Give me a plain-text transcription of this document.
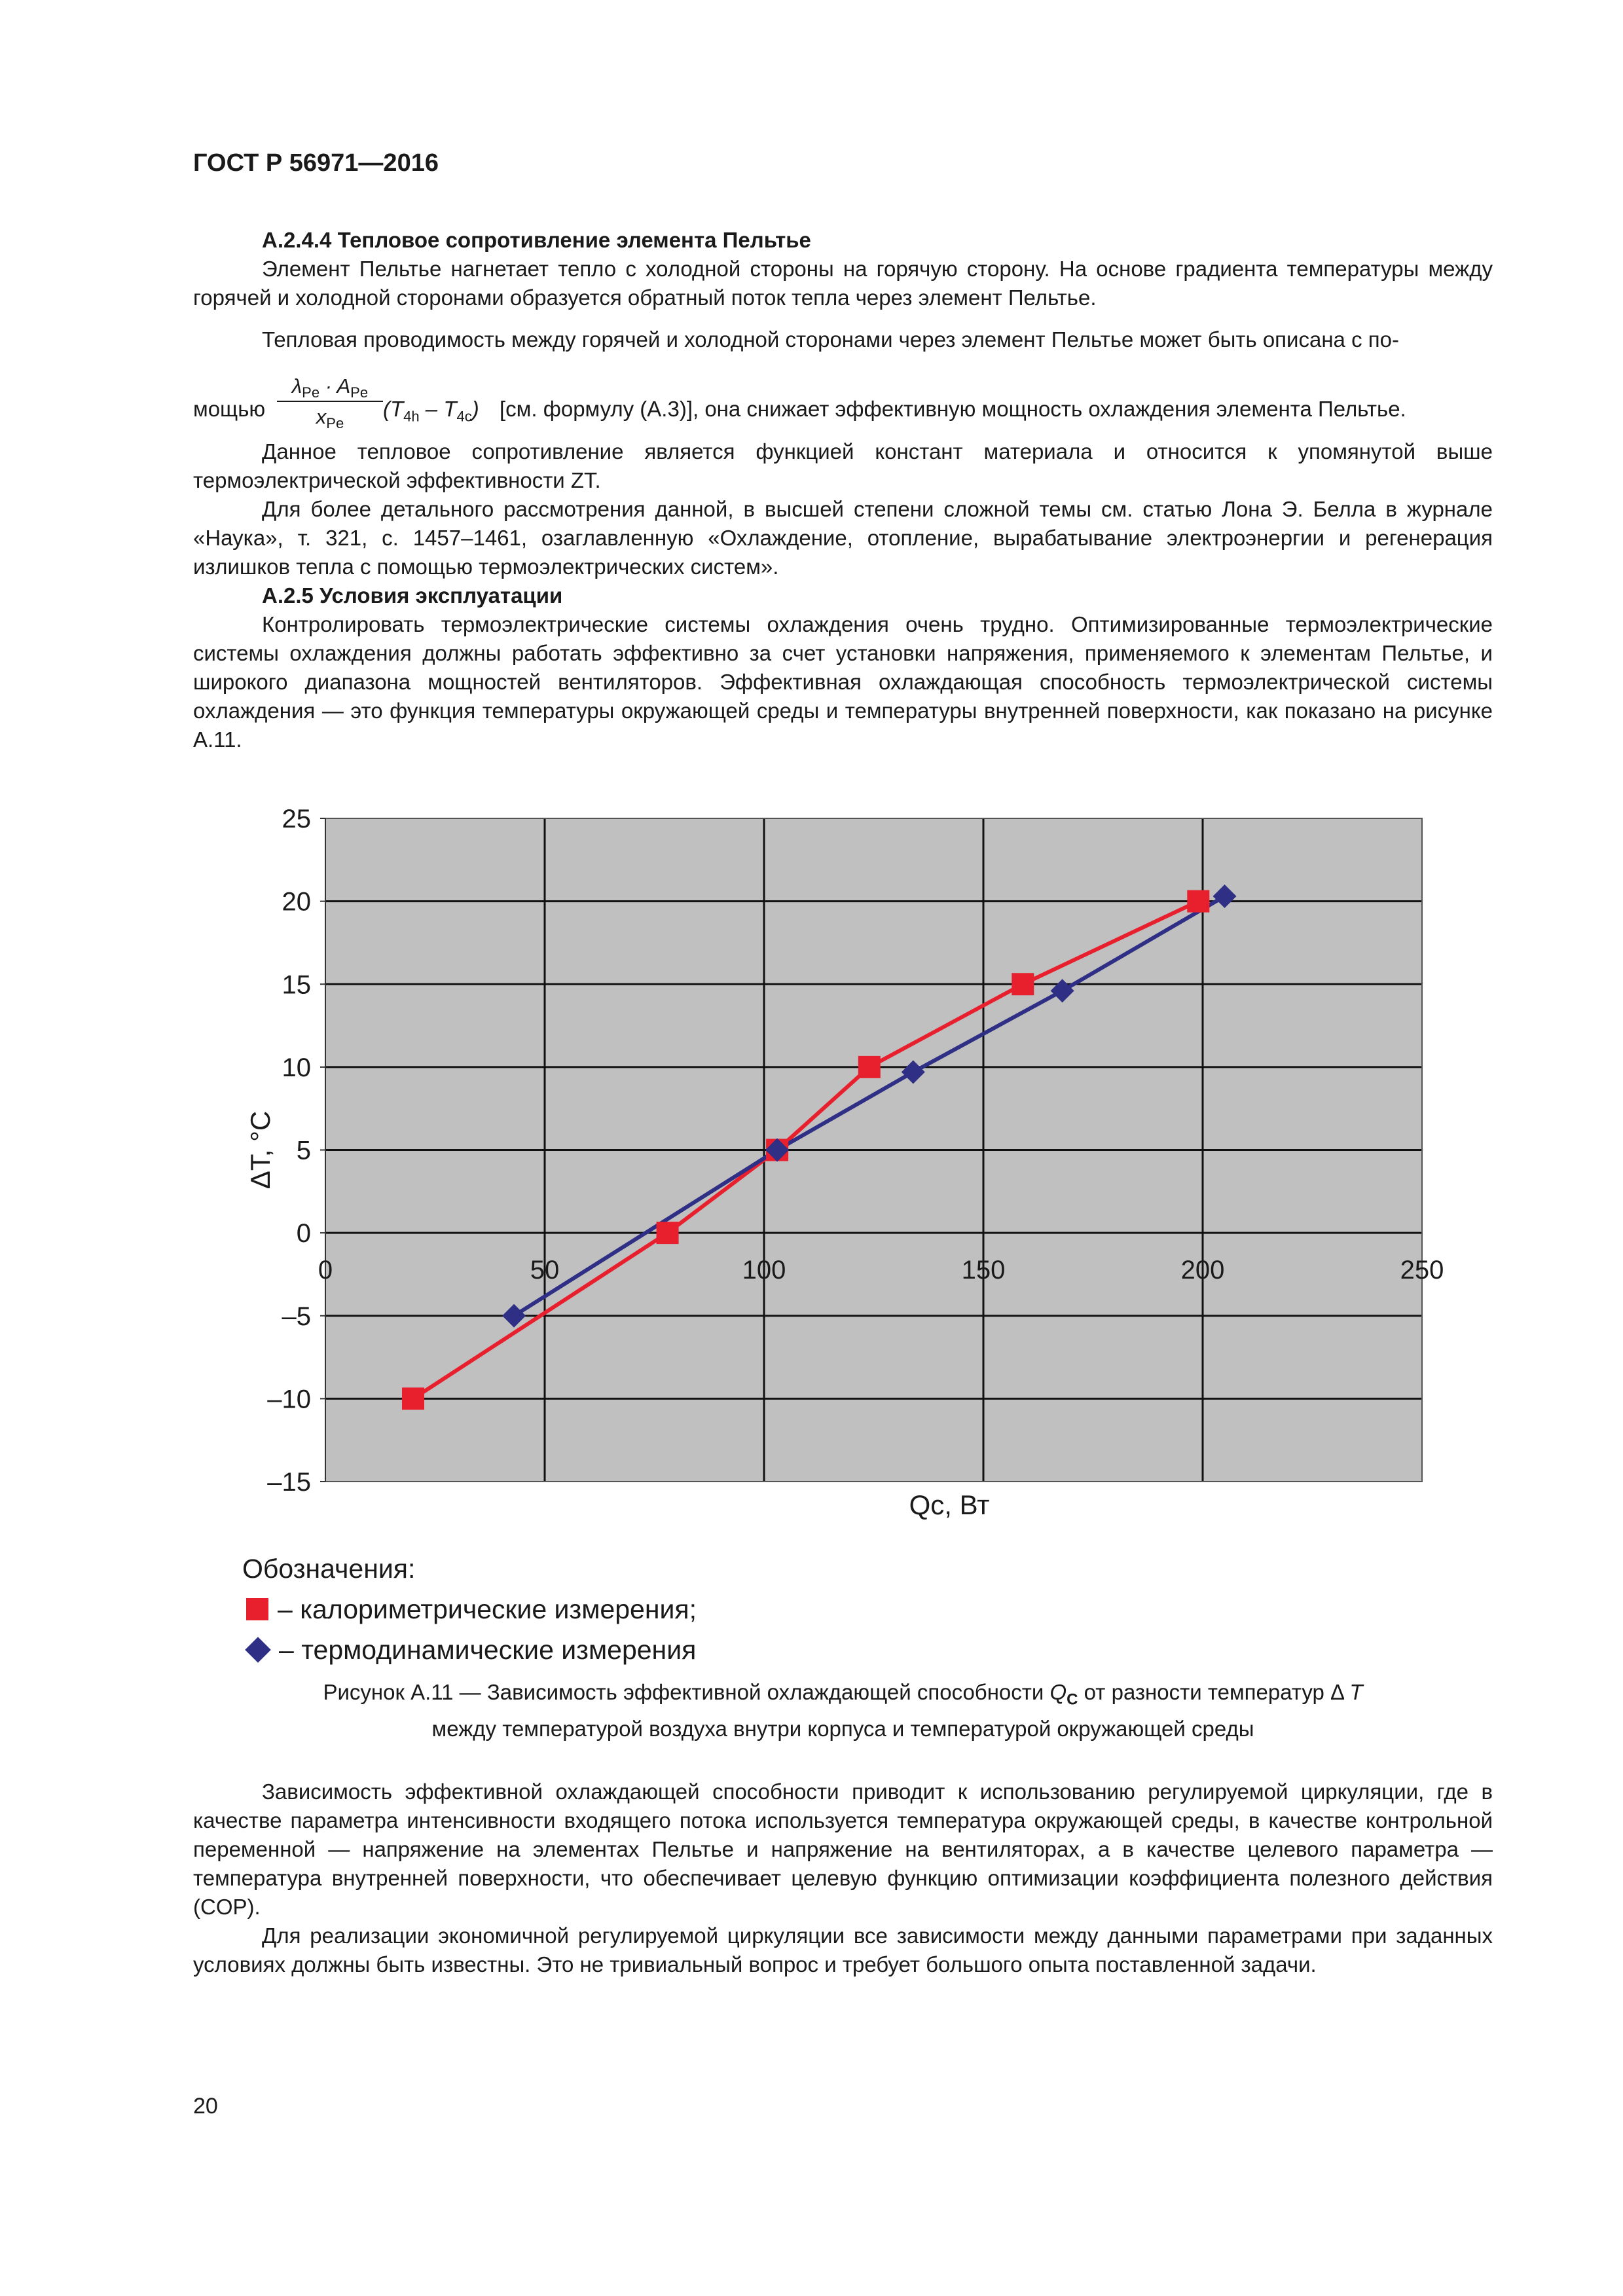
ГОСТ Р 56971—2016

А.2.4.4 Тепловое сопротивление элемента Пельтье

Элемент Пельтье нагнетает тепло с холодной стороны на горячую сторону. На основе градиента температуры между горячей и холодной сторонами образуется обратный поток тепла через элемент Пельтье.

Тепловая проводимость между горячей и холодной сторонами через элемент Пельтье может быть описана с по-

мощью
$\lambda_{Pe} \cdot A_{Pe}$
$x_{Pe}$
$(T_{4h} - T_{4c})$ [см. формулу (А.3)], она снижает эффективную мощность охлаждения элемента Пельтье.

Данное тепловое сопротивление является функцией констант материала и относится к упомянутой выше термоэлектрической эффективности ZT.

Для более детального рассмотрения данной, в высшей степени сложной темы см. статью Лона Э. Белла в журнале «Наука», т. 321, с. 1457–1461, озаглавленную «Охлаждение, отопление, вырабатывание электроэнергии и регенерация излишков тепла с помощью термоэлектрических систем».

А.2.5 Условия эксплуатации

Контролировать термоэлектрические системы охлаждения очень трудно. Оптимизированные термоэлектрические системы охлаждения должны работать эффективно за счет установки напряжения, применяемого к элементам Пельтье, и широкого диапазона мощностей вентиляторов. Эффективная охлаждающая способность термоэлектрической системы охлаждения — это функция температуры окружающей среды и температуры внутренней поверхности, как показано на рисунке А.11.

25
20
15
10
5
0
–5
–10
–15
0	50	100	150	200	250
Qc, Вт
ΔT, °C
Обозначения:
– калориметрические измерения;
– термодинамические измерения
Рисунок А.11 — Зависимость эффективной охлаждающей способности $Q_C$ от разности температур Δ T
между температурой воздуха внутри корпуса и температурой окружающей среды

Зависимость эффективной охлаждающей способности приводит к использованию регулируемой циркуляции, где в качестве параметра интенсивности входящего потока используется температура окружающей среды, в качестве контрольной переменной — напряжение на элементах Пельтье и напряжение на вентиляторах, а в качестве целевого параметра — температура внутренней поверхности, что обеспечивает целевую функцию оптимизации коэффициента полезного действия (COP).

Для реализации экономичной регулируемой циркуляции все зависимости между данными параметрами при заданных условиях должны быть известны. Это не тривиальный вопрос и требует большого опыта поставленной задачи.

20
